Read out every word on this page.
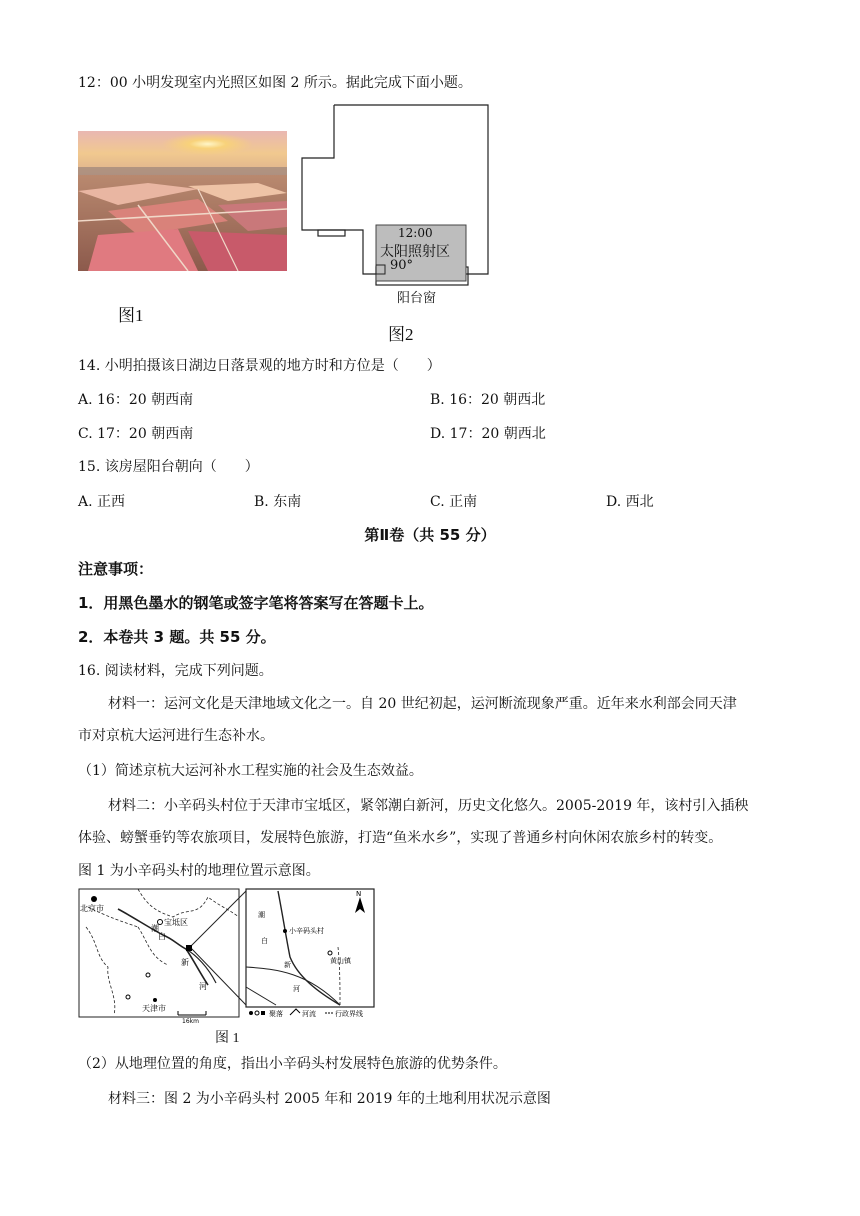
12：00 小明发现室内光照区如图 2 所示。据此完成下面小题。
图1
12:00
太阳照射区
90°
阳台窗
图2
14. 小明拍摄该日湖边日落景观的地方时和方位是（　　）
A. 16：20 朝西南	B. 16：20 朝西北
C. 17：20 朝西南	D. 17：20 朝西北
15. 该房屋阳台朝向（　　）
A. 正西	B. 东南	C. 正南	D. 西北
第Ⅱ卷（共 55 分）
注意事项：
1．用黑色墨水的钢笔或签字笔将答案写在答题卡上。
2．本卷共 3 题。共 55 分。
16. 阅读材料，完成下列问题。
材料一：运河文化是天津地域文化之一。自 20 世纪初起，运河断流现象严重。近年来水利部会同天津
市对京杭大运河进行生态补水。
（1）简述京杭大运河补水工程实施的社会及生态效益。
材料二：小辛码头村位于天津市宝坻区，紧邻潮白新河，历史文化悠久。2005-2019 年，该村引入插秧
体验、螃蟹垂钓等农旅项目，发展特色旅游，打造“鱼米水乡”，实现了普通乡村向休闲农旅乡村的转变。
图 1 为小辛码头村的地理位置示意图。
北京市
宝坻区
天津市
潮
白
新
河
16km
潮
白
新
河
小辛码头村
黄山镇
N
聚落	河流	行政界线
图 1
（2）从地理位置的角度，指出小辛码头村发展特色旅游的优势条件。
材料三：图 2 为小辛码头村 2005 年和 2019 年的土地利用状况示意图
